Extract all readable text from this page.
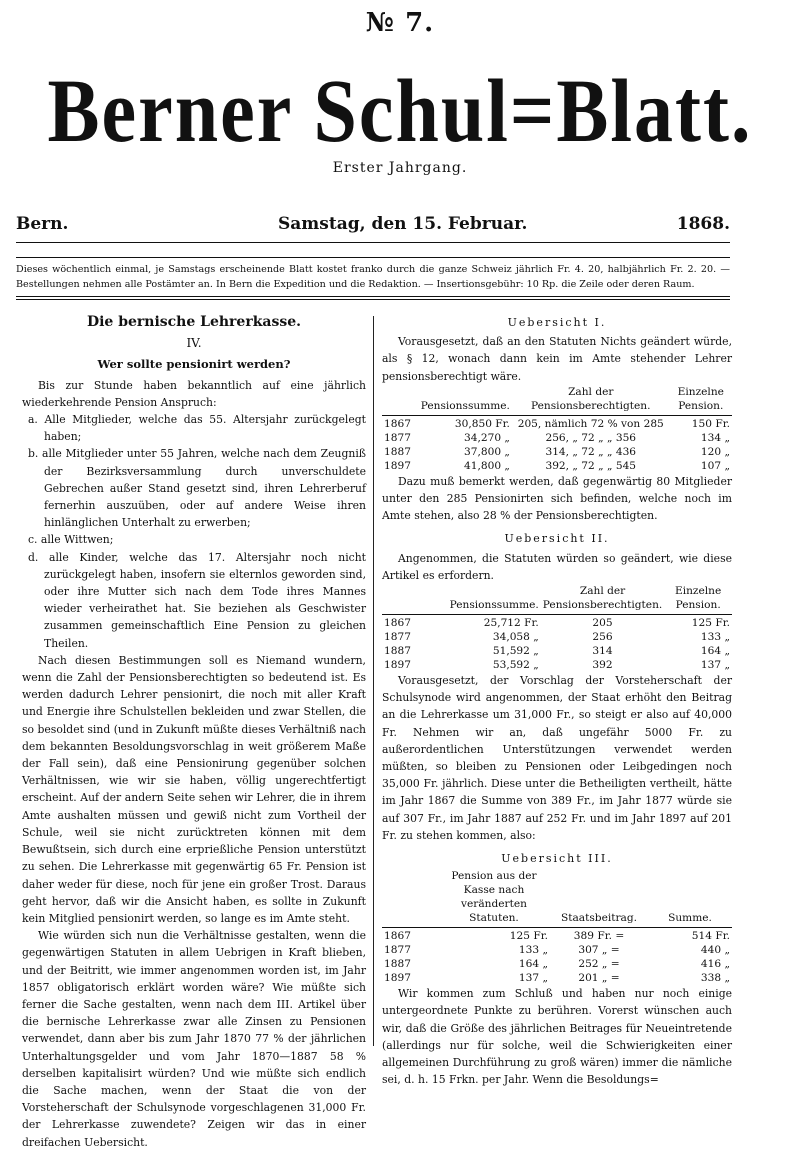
№ 7.
Berner Schul=Blatt.
Erster Jahrgang.
Bern.	Samstag, den 15. Februar.	1868.
Dieses wöchentlich einmal, je Samstags erscheinende Blatt kostet franko durch die ganze Schweiz jährlich Fr. 4. 20, halbjährlich Fr. 2. 20. — Bestellungen nehmen alle Postämter an. In Bern die Expedition und die Redaktion. — Insertionsgebühr: 10 Rp. die Zeile oder deren Raum.
Die bernische Lehrerkasse.
IV.
Wer sollte pensionirt werden?

Bis zur Stunde haben bekanntlich auf eine jährlich wiederkehrende Pension Anspruch:

a. Alle Mitglieder, welche das 55. Altersjahr zurückgelegt haben;

b. alle Mitglieder unter 55 Jahren, welche nach dem Zeugniß der Bezirksversammlung durch unverschuldete Gebrechen außer Stand gesetzt sind, ihren Lehrerberuf fernerhin auszuüben, oder auf andere Weise ihren hinlänglichen Unterhalt zu erwerben;

c. alle Wittwen;

d. alle Kinder, welche das 17. Altersjahr noch nicht zurückgelegt haben, insofern sie elternlos geworden sind, oder ihre Mutter sich nach dem Tode ihres Mannes wieder verheirathet hat. Sie beziehen als Geschwister zusammen gemeinschaftlich Eine Pension zu gleichen Theilen.

Nach diesen Bestimmungen soll es Niemand wundern, wenn die Zahl der Pensionsberechtigten so bedeutend ist. Es werden dadurch Lehrer pensionirt, die noch mit aller Kraft und Energie ihre Schulstellen bekleiden und zwar Stellen, die so besoldet sind (und in Zukunft müßte dieses Verhältniß nach dem bekannten Besoldungsvorschlag in weit größerem Maße der Fall sein), daß eine Pensionirung gegenüber solchen Verhältnissen, wie wir sie haben, völlig ungerechtfertigt erscheint. Auf der andern Seite sehen wir Lehrer, die in ihrem Amte aushalten müssen und gewiß nicht zum Vortheil der Schule, weil sie nicht zurücktreten können mit dem Bewußtsein, sich durch eine erprießliche Pension unterstützt zu sehen. Die Lehrerkasse mit gegenwärtig 65 Fr. Pension ist daher weder für diese, noch für jene ein großer Trost. Daraus geht hervor, daß wir die Ansicht haben, es sollte in Zukunft kein Mitglied pensionirt werden, so lange es im Amte steht.

Wie würden sich nun die Verhältnisse gestalten, wenn die gegenwärtigen Statuten in allem Uebrigen in Kraft blieben, und der Beitritt, wie immer angenommen worden ist, im Jahr 1857 obligatorisch erklärt worden wäre? Wie müßte sich ferner die Sache gestalten, wenn nach dem III. Artikel über die bernische Lehrerkasse zwar alle Zinsen zu Pensionen verwendet, dann aber bis zum Jahr 1870 77 % der jährlichen Unterhaltungsgelder und vom Jahr 1870—1887 58 % derselben kapitalisirt würden? Und wie müßte sich endlich die Sache machen, wenn der Staat die von der Vorsteherschaft der Schulsynode vorgeschlagenen 31,000 Fr. der Lehrerkasse zuwendete? Zeigen wir das in einer dreifachen Uebersicht.

Uebersicht I.

Vorausgesetzt, daß an den Statuten Nichts geändert würde, als § 12, wonach dann kein im Amte stehender Lehrer pensionsberechtigt wäre.

	Pensionssumme.	Zahl der Pensionsberechtigten.	Einzelne Pension.
1867	30,850 Fr.	205, nämlich 72 % von 285	150 Fr.
1877	34,270 „	256, „ 72 „ „ 356	134 „
1887	37,800 „	314, „ 72 „ „ 436	120 „
1897	41,800 „	392, „ 72 „ „ 545	107 „

Dazu muß bemerkt werden, daß gegenwärtig 80 Mitglieder unter den 285 Pensionirten sich befinden, welche noch im Amte stehen, also 28 % der Pensionsberechtigten.

Uebersicht II.

Angenommen, die Statuten würden so geändert, wie diese Artikel es erfordern.

	Pensionssumme.	Zahl der Pensionsberechtigten.	Einzelne Pension.
1867	25,712 Fr.	205	125 Fr.
1877	34,058 „	256	133 „
1887	51,592 „	314	164 „
1897	53,592 „	392	137 „

Vorausgesetzt, der Vorschlag der Vorsteherschaft der Schulsynode wird angenommen, der Staat erhöht den Beitrag an die Lehrerkasse um 31,000 Fr., so steigt er also auf 40,000 Fr. Nehmen wir an, daß ungefähr 5000 Fr. zu außerordentlichen Unterstützungen verwendet werden müßten, so bleiben zu Pensionen oder Leibgedingen noch 35,000 Fr. jährlich. Diese unter die Betheiligten vertheilt, hätte im Jahr 1867 die Summe von 389 Fr., im Jahr 1877 würde sie auf 307 Fr., im Jahr 1887 auf 252 Fr. und im Jahr 1897 auf 201 Fr. zu stehen kommen, also:

Uebersicht III.
	Pension aus der Kasse nach veränderten Statuten.	Staatsbeitrag.	Summe.
1867	125 Fr.	389 Fr. =	514 Fr.
1877	133 „	307 „ =	440 „
1887	164 „	252 „ =	416 „
1897	137 „	201 „ =	338 „

Wir kommen zum Schluß und haben nur noch einige untergeordnete Punkte zu berühren. Vorerst wünschen auch wir, daß die Größe des jährlichen Beitrages für Neueintretende (allerdings nur für solche, weil die Schwierigkeiten einer allgemeinen Durchführung zu groß wären) immer die nämliche sei, d. h. 15 Frkn. per Jahr. Wenn die Besoldungs=
